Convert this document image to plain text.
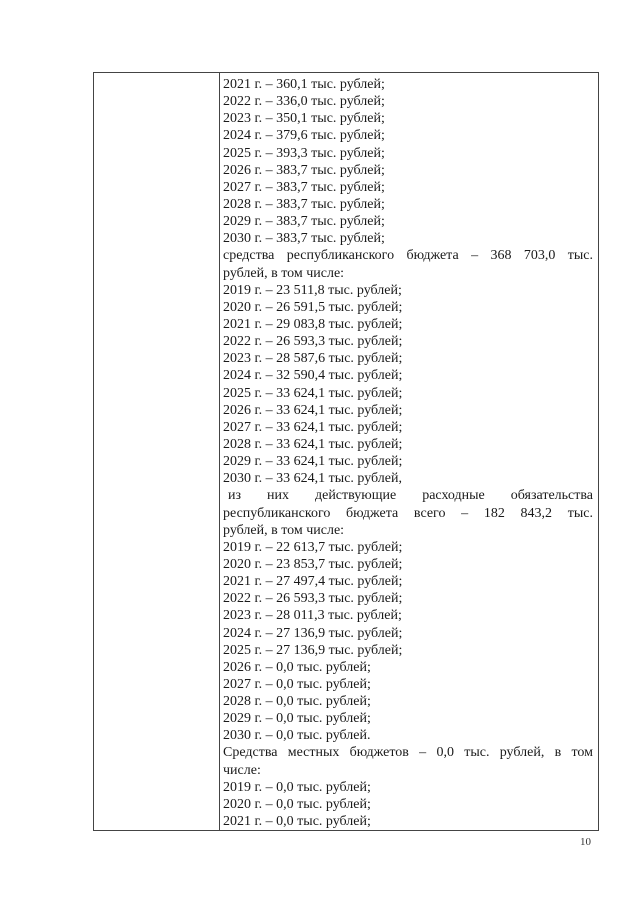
2021 г. – 360,1 тыс. рублей;
2022 г. – 336,0 тыс. рублей;
2023 г. – 350,1 тыс. рублей;
2024 г. – 379,6 тыс. рублей;
2025 г. – 393,3 тыс. рублей;
2026 г. – 383,7 тыс. рублей;
2027 г. – 383,7 тыс. рублей;
2028 г. – 383,7 тыс. рублей;
2029 г. – 383,7 тыс. рублей;
2030 г. – 383,7 тыс. рублей;
средства республиканского бюджета – 368 703,0 тыс.
рублей, в том числе:
2019 г. – 23 511,8 тыс. рублей;
2020 г. – 26 591,5 тыс. рублей;
2021 г. – 29 083,8 тыс. рублей;
2022 г. – 26 593,3 тыс. рублей;
2023 г. – 28 587,6 тыс. рублей;
2024 г. – 32 590,4 тыс. рублей;
2025 г. – 33 624,1 тыс. рублей;
2026 г. – 33 624,1 тыс. рублей;
2027 г. – 33 624,1 тыс. рублей;
2028 г. – 33 624,1 тыс. рублей;
2029 г. – 33 624,1 тыс. рублей;
2030 г. – 33 624,1 тыс. рублей,
из них действующие расходные обязательства
республиканского бюджета всего – 182 843,2 тыс.
рублей, в том числе:
2019 г. – 22 613,7 тыс. рублей;
2020 г. – 23 853,7 тыс. рублей;
2021 г. – 27 497,4 тыс. рублей;
2022 г. – 26 593,3 тыс. рублей;
2023 г. – 28 011,3 тыс. рублей;
2024 г. – 27 136,9 тыс. рублей;
2025 г. – 27 136,9 тыс. рублей;
2026 г. – 0,0 тыс. рублей;
2027 г. – 0,0 тыс. рублей;
2028 г. – 0,0 тыс. рублей;
2029 г. – 0,0 тыс. рублей;
2030 г. – 0,0 тыс. рублей.
Средства местных бюджетов – 0,0 тыс. рублей, в том
числе:
2019 г. – 0,0 тыс. рублей;
2020 г. – 0,0 тыс. рублей;
2021 г. – 0,0 тыс. рублей;
10
